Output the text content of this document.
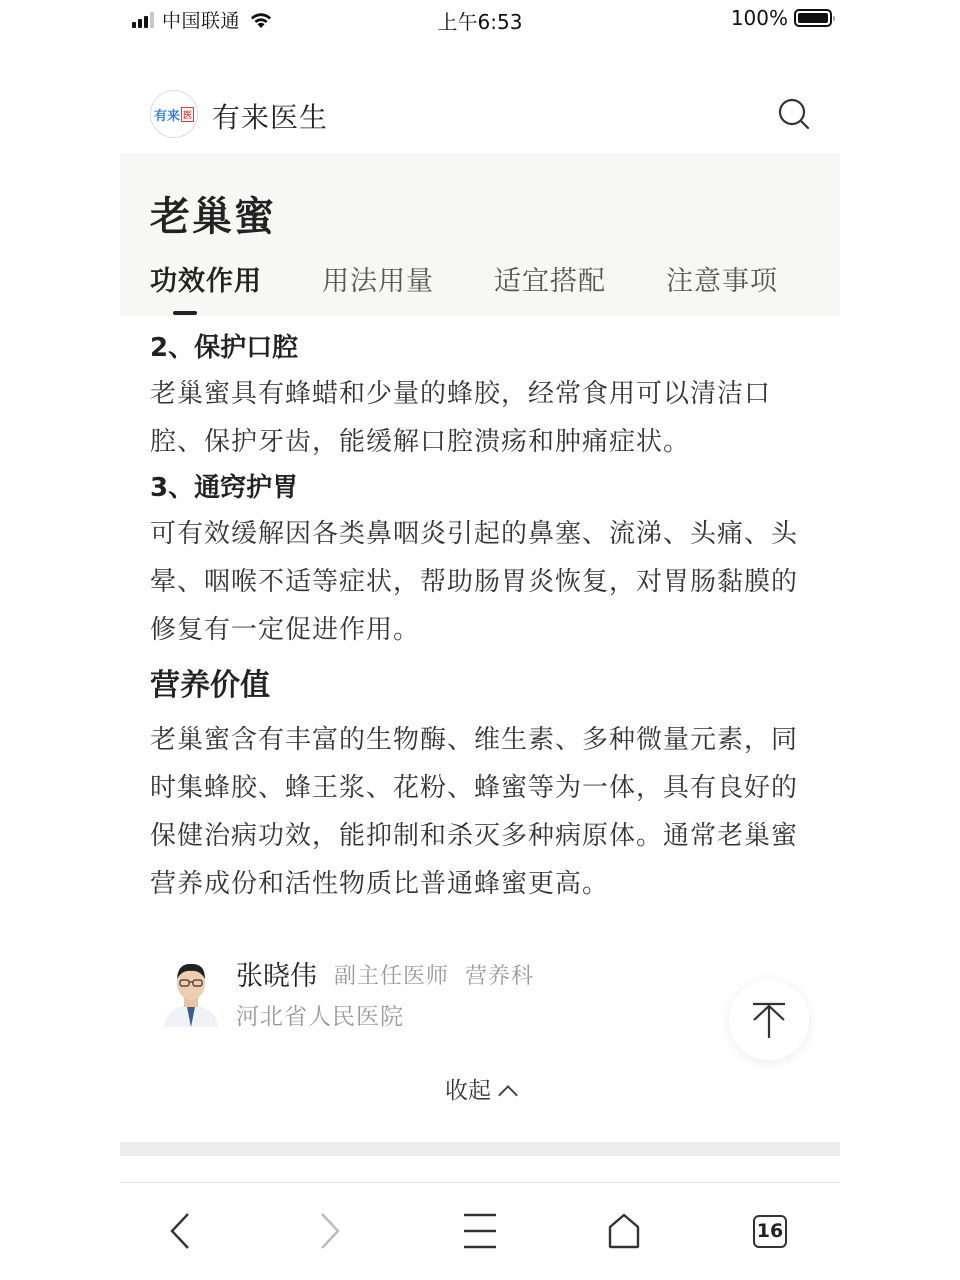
中国联通	上午6:53	100%
有 来 医 有来医生
老巢蜜
功效作用 用法用量 适宜搭配 注意事项
2、保护口腔
老巢蜜具有蜂蜡和少量的蜂胶，经常食用可以清洁口腔、保护牙齿，能缓解口腔溃疡和肿痛症状。
3、通窍护胃
可有效缓解因各类鼻咽炎引起的鼻塞、流涕、头痛、头晕、咽喉不适等症状，帮助肠胃炎恢复，对胃肠黏膜的修复有一定促进作用。
营养价值
老巢蜜含有丰富的生物酶、维生素、多种微量元素，同时集蜂胶、蜂王浆、花粉、蜂蜜等为一体，具有良好的保健治病功效，能抑制和杀灭多种病原体。通常老巢蜜营养成份和活性物质比普通蜂蜜更高。
张晓伟 副主任医师  营养科
河北省人民医院
收起
16
